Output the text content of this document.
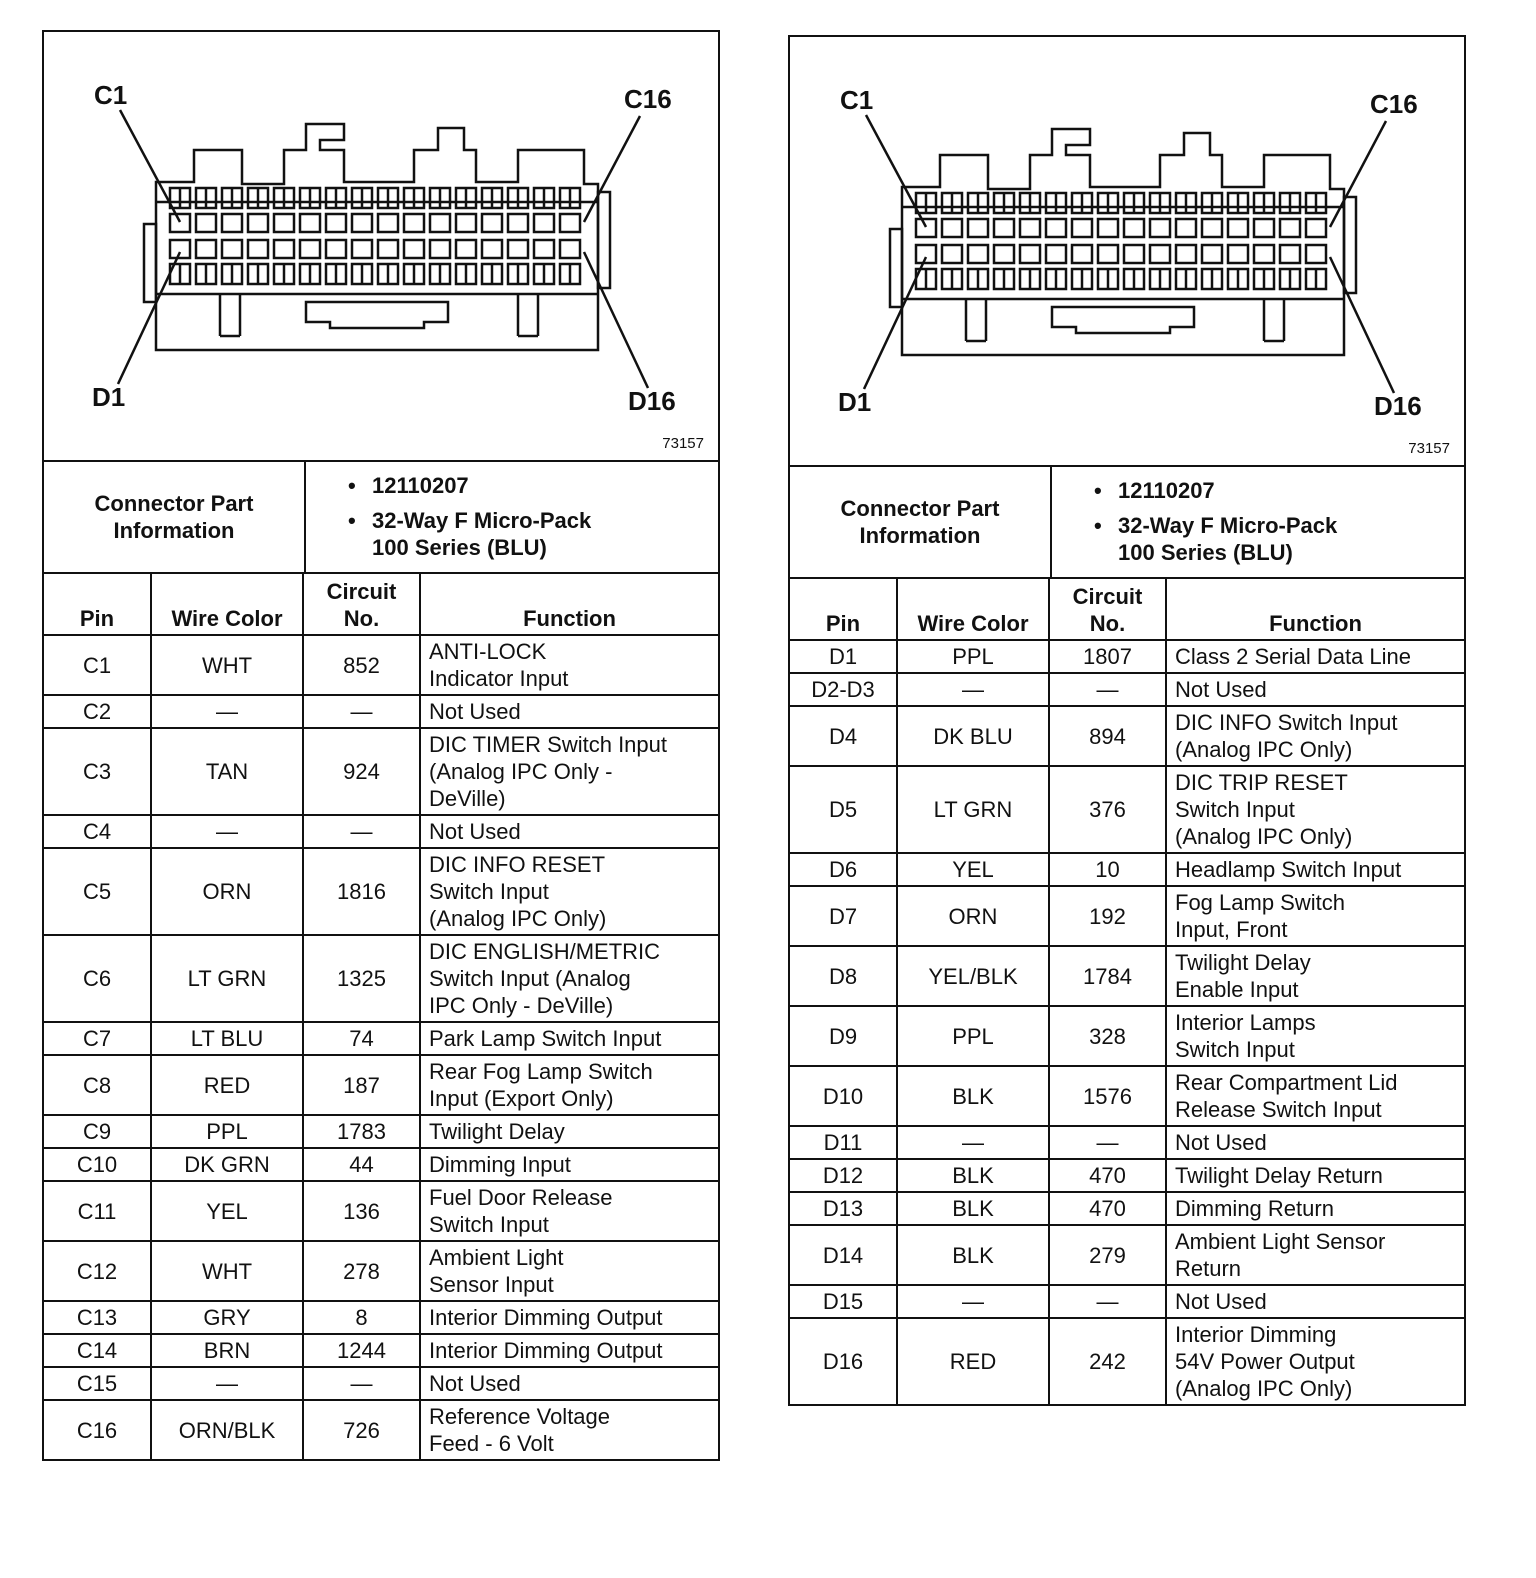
C1	C16
D1	D16
73157
Connector Part
Information
• 12110207
• 32-Way F Micro-Pack
100 Series (BLU)
Pin	Wire Color	Circuit
No.	Function
C1	WHT	852	ANTI-LOCK
Indicator Input
C2	—	—	Not Used
C3	TAN	924	DIC TIMER Switch Input
(Analog IPC Only -
DeVille)
C4	—	—	Not Used
C5	ORN	1816	DIC INFO RESET
Switch Input
(Analog IPC Only)
C6	LT GRN	1325	DIC ENGLISH/METRIC
Switch Input (Analog
IPC Only - DeVille)
C7	LT BLU	74	Park Lamp Switch Input
C8	RED	187	Rear Fog Lamp Switch
Input (Export Only)
C9	PPL	1783	Twilight Delay
C10	DK GRN	44	Dimming Input
C11	YEL	136	Fuel Door Release
Switch Input
C12	WHT	278	Ambient Light
Sensor Input
C13	GRY	8	Interior Dimming Output
C14	BRN	1244	Interior Dimming Output
C15	—	—	Not Used
C16	ORN/BLK	726	Reference Voltage
Feed - 6 Volt
C1	C16
D1	D16
73157
Connector Part
Information
• 12110207
• 32-Way F Micro-Pack
100 Series (BLU)
Pin	Wire Color	Circuit
No.	Function
D1	PPL	1807	Class 2 Serial Data Line
D2-D3	—	—	Not Used
D4	DK BLU	894	DIC INFO Switch Input
(Analog IPC Only)
D5	LT GRN	376	DIC TRIP RESET
Switch Input
(Analog IPC Only)
D6	YEL	10	Headlamp Switch Input
D7	ORN	192	Fog Lamp Switch
Input, Front
D8	YEL/BLK	1784	Twilight Delay
Enable Input
D9	PPL	328	Interior Lamps
Switch Input
D10	BLK	1576	Rear Compartment Lid
Release Switch Input
D11	—	—	Not Used
D12	BLK	470	Twilight Delay Return
D13	BLK	470	Dimming Return
D14	BLK	279	Ambient Light Sensor
Return
D15	—	—	Not Used
D16	RED	242	Interior Dimming
54V Power Output
(Analog IPC Only)
